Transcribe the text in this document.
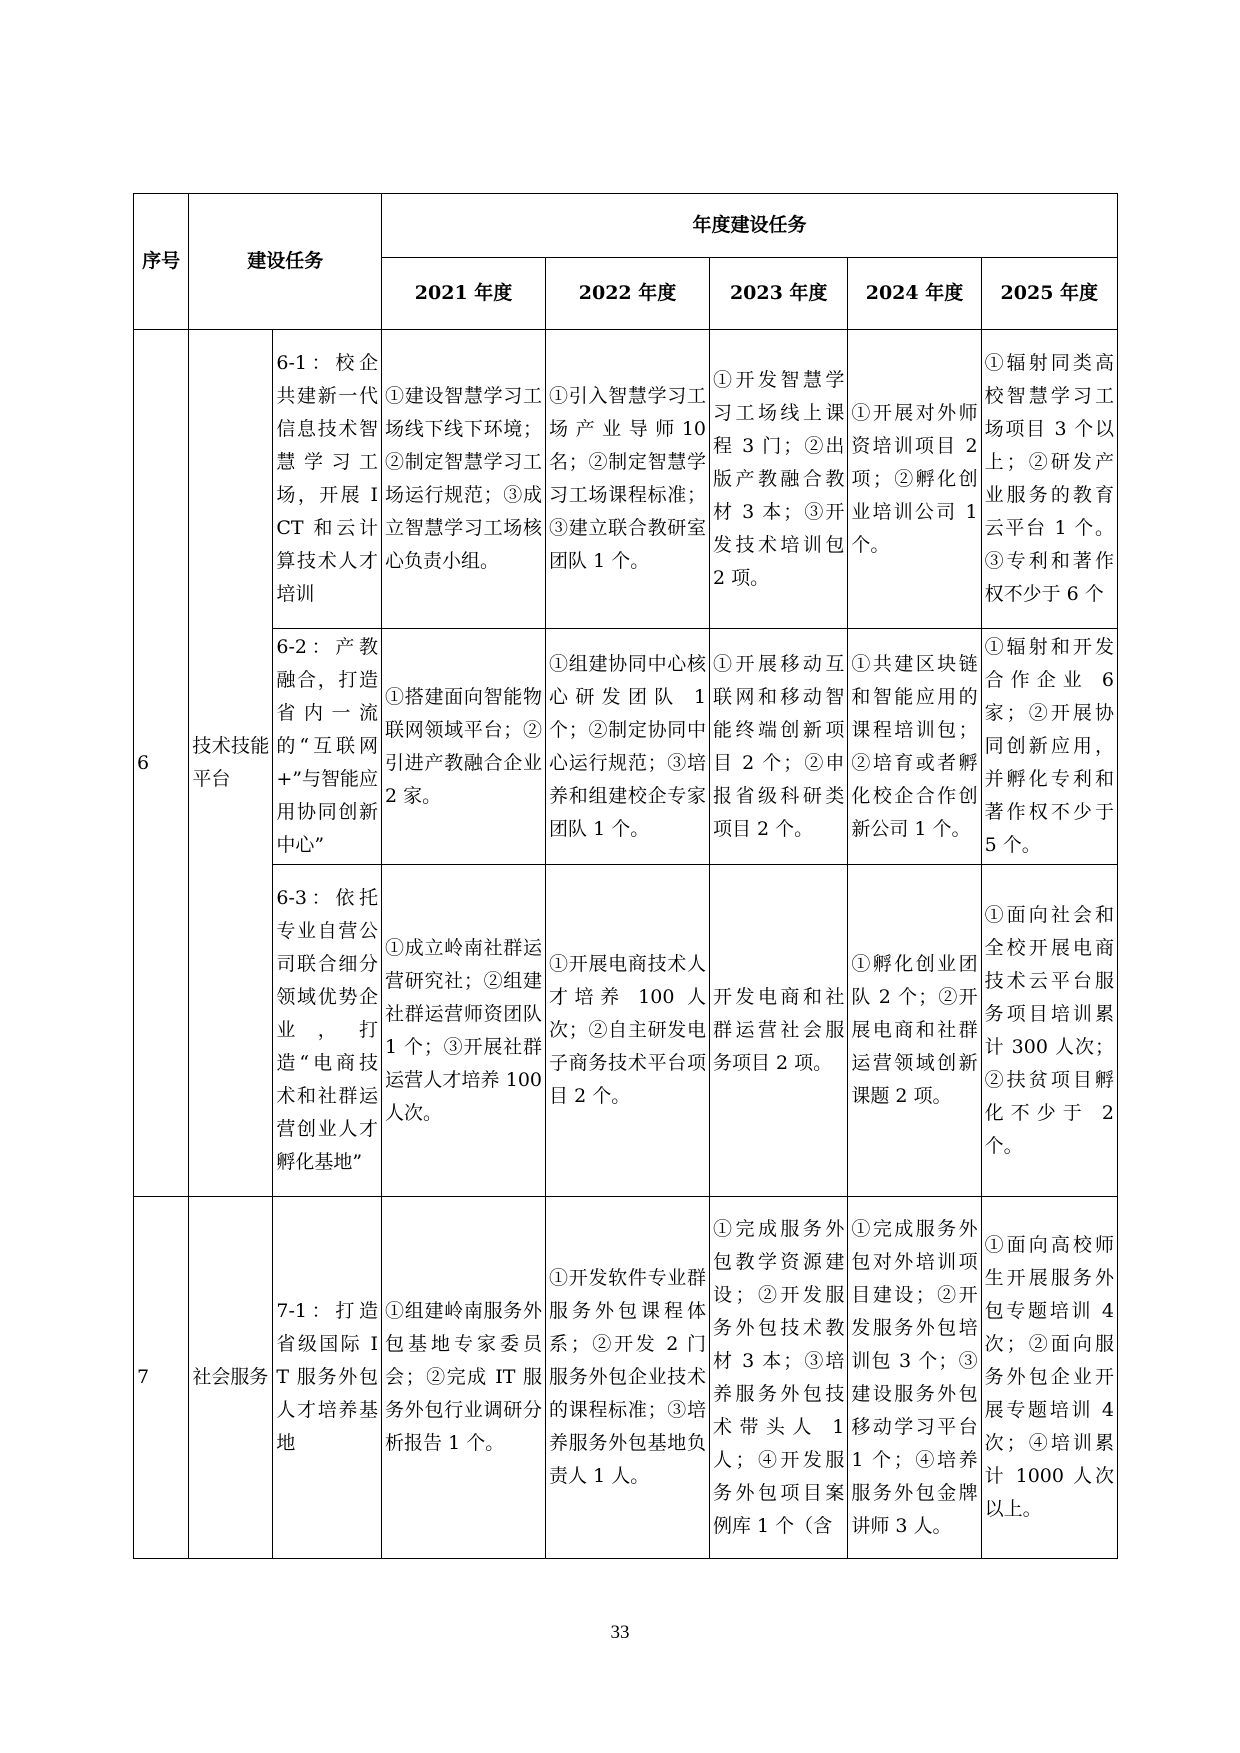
序号	建设任务		年度建设任务				
			2021 年度	2022 年度	2023 年度	2024 年度	2025 年度
6	技术技能平台	6-1：校企共建新一代信息技术智慧学习工场，开展 ICT 和云计算技术人才培训	①建设智慧学习工场线下线下环境；②制定智慧学习工场运行规范；③成立智慧学习工场核心负责小组。	①引入智慧学习工场产业导师10名；②制定智慧学习工场课程标准；③建立联合教研室团队 1 个。	①开发智慧学习工场线上课程 3 门；②出版产教融合教材 3 本；③开发技术培训包 2 项。	①开展对外师资培训项目 2 项；②孵化创业培训公司 1 个。	①辐射同类高校智慧学习工场项目 3 个以上；②研发产业服务的教育云平台 1 个。③专利和著作权不少于 6 个
		6-2：产教融合，打造省内一流的“互联网+”与智能应用协同创新中心”	①搭建面向智能物联网领域平台；②引进产教融合企业 2 家。	①组建协同中心核心研发团队 1 个；②制定协同中心运行规范；③培养和组建校企专家团队 1 个。	①开展移动互联网和移动智能终端创新项目 2 个；②申报省级科研类项目 2 个。	①共建区块链和智能应用的课程培训包；②培育或者孵化校企合作创新公司 1 个。	①辐射和开发合作企业 6 家；②开展协同创新应用，并孵化专利和著作权不少于 5 个。
		6-3：依托专业自营公司联合细分领域优势企业，打造“电商技术和社群运营创业人才孵化基地”	①成立岭南社群运营研究社；②组建社群运营师资团队 1 个；③开展社群运营人才培养 100 人次。	①开展电商技术人才培养 100 人次；②自主研发电子商务技术平台项目 2 个。	开发电商和社群运营社会服务项目 2 项。	①孵化创业团队 2 个；②开展电商和社群运营领域创新课题 2 项。	①面向社会和全校开展电商技术云平台服务项目培训累计 300 人次；②扶贫项目孵化不少于 2 个。
7	社会服务	7-1：打造省级国际 IT 服务外包人才培养基地	①组建岭南服务外包基地专家委员会；②完成 IT 服务外包行业调研分析报告 1 个。	①开发软件专业群服务外包课程体系；②开发 2 门服务外包企业技术的课程标准；③培养服务外包基地负责人 1 人。	①完成服务外包教学资源建设；②开发服务外包技术教材 3 本；③培养服务外包技术带头人 1 人；④开发服务外包项目案例库 1 个（含	①完成服务外包对外培训项目建设；②开发服务外包培训包 3 个；③建设服务外包移动学习平台 1 个；④培养服务外包金牌讲师 3 人。	①面向高校师生开展服务外包专题培训 4 次；②面向服务外包企业开展专题培训 4 次；④培训累计 1000 人次以上。
33
